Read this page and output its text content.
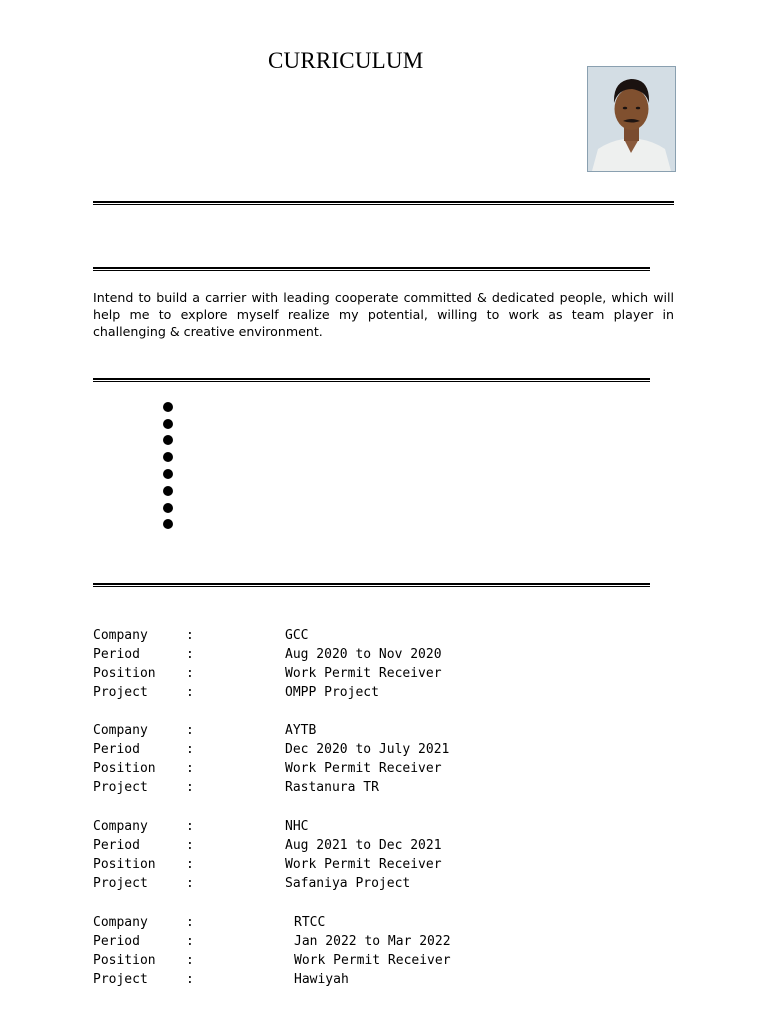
CURRICULUM
Intend to build a carrier with leading cooperate committed & dedicated people, which will help me to explore myself realize my potential, willing to work as team player in challenging & creative environment.
Company	:	GCC
Period	:	Aug 2020 to Nov 2020
Position :	Work Permit Receiver
Project	:	OMPP Project
Company	:	AYTB
Period	:	Dec 2020 to July 2021
Position :	Work Permit Receiver
Project	:	Rastanura TR
Company	:	NHC
Period	:	Aug 2021 to Dec 2021
Position :	Work Permit Receiver
Project	:	Safaniya Project
Company	:	RTCC
Period	:	Jan 2022 to Mar 2022
Position :	Work Permit Receiver
Project	:	Hawiyah
